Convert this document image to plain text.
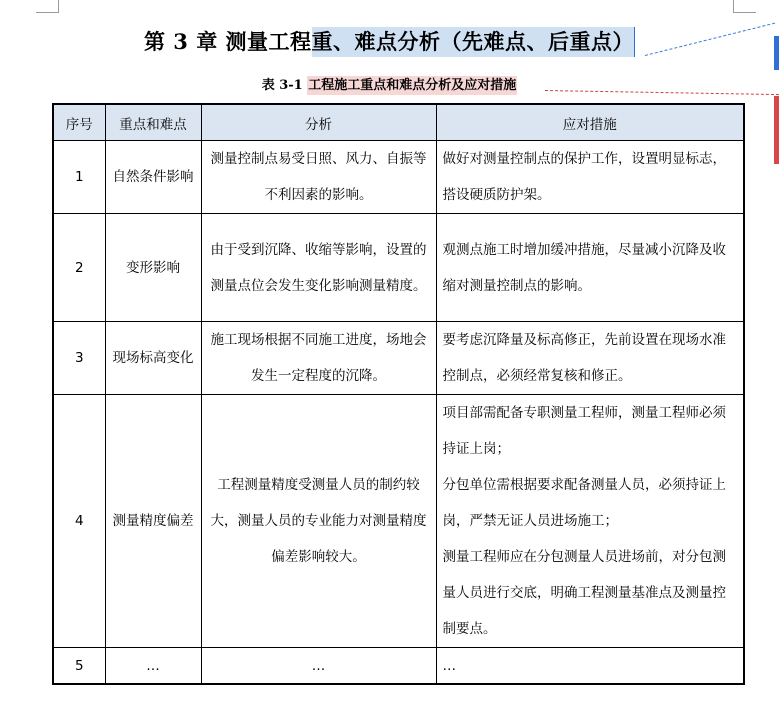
第 3 章 测量工程重、难点分析（先难点、后重点）
表 3-1 工程施工重点和难点分析及应对措施
序号	重点和难点	分析	应对措施
1	自然条件影响	测量控制点易受日照、风力、自振等不利因素的影响。	做好对测量控制点的保护工作，设置明显标志，搭设硬质防护架。

2	变形影响	由于受到沉降、收缩等影响，设置的测量点位会发生变化影响测量精度。	观测点施工时增加缓冲措施，尽量减小沉降及收缩对测量控制点的影响。

3	现场标高变化	施工现场根据不同施工进度，场地会发生一定程度的沉降。	要考虑沉降量及标高修正，先前设置在现场水准控制点，必须经常复核和修正。

4	测量精度偏差	工程测量精度受测量人员的制约较大，测量人员的专业能力对测量精度偏差影响较大。	项目部需配备专职测量工程师，测量工程师必须持证上岗；
分包单位需根据要求配备测量人员，必须持证上岗，严禁无证人员进场施工；
测量工程师应在分包测量人员进场前，对分包测量人员进行交底，明确工程测量基准点及测量控制要点。

5	…	…	…
